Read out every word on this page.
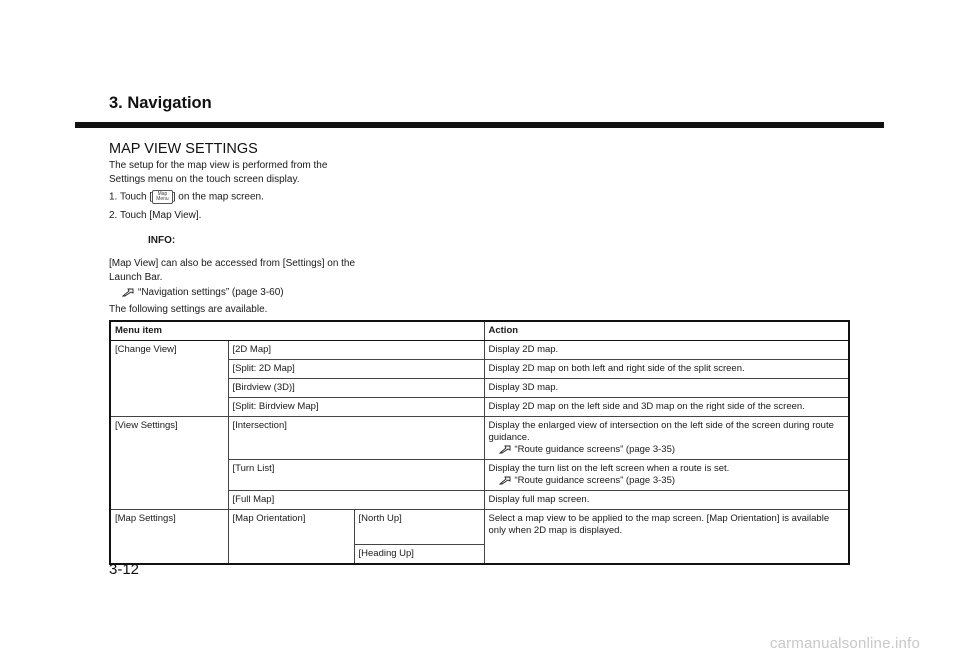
3. Navigation
MAP VIEW SETTINGS
The setup for the map view is performed from the Settings menu on the touch screen display.
1. Touch [ Map
Menu ] on the map screen.
2. Touch [Map View].
INFO:
[Map View] can also be accessed from [Settings] on the Launch Bar.
“Navigation settings” (page 3-60)
The following settings are available.
Menu item			Action
[Change View]	[2D Map]		Display 2D map.
	[Split: 2D Map]		Display 2D map on both left and right side of the split screen.
	[Birdview (3D)]		Display 3D map.
	[Split: Birdview Map]		Display 2D map on the left side and 3D map on the right side of the screen.
[View Settings]	[Intersection]		Display the enlarged view of intersection on the left side of the screen during route guidance.
“Route guidance screens” (page 3-35)

	[Turn List]		Display the turn list on the left screen when a route is set.
“Route guidance screens” (page 3-35)

	[Full Map]		Display full map screen.
[Map Settings]	[Map Orientation]	[North Up]	Select a map view to be applied to the map screen. [Map Orientation] is available only when 2D map is displayed.
		[Heading Up]	
3-12
carmanualsonline.info
